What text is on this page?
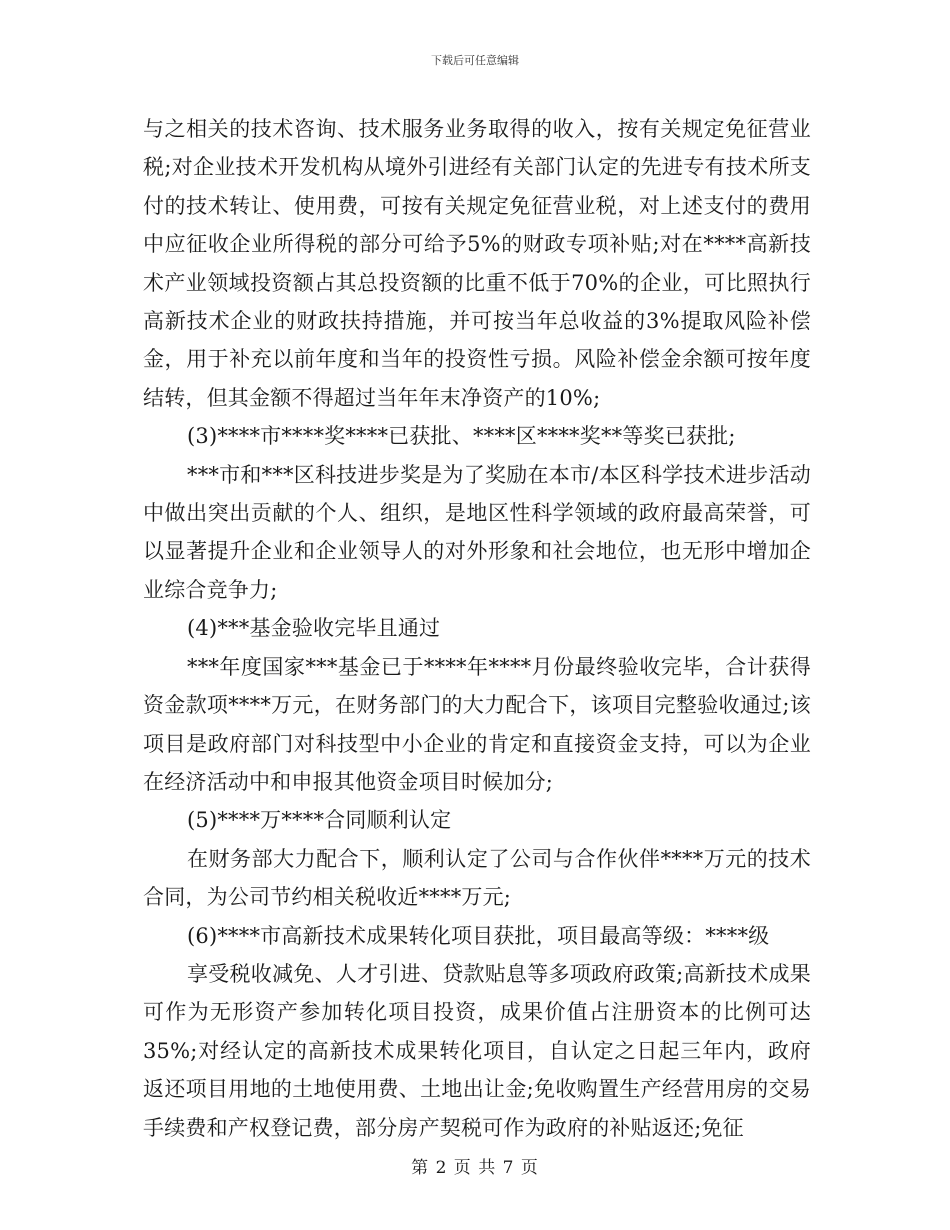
下载后可任意编辑

与之相关的技术咨询、技术服务业务取得的收入，按有关规定免征营业税;对企业技术开发机构从境外引进经有关部门认定的先进专有技术所支付的技术转让、使用费，可按有关规定免征营业税，对上述支付的费用中应征收企业所得税的部分可给予5%的财政专项补贴;对在****高新技术产业领域投资额占其总投资额的比重不低于70%的企业，可比照执行高新技术企业的财政扶持措施，并可按当年总收益的3%提取风险补偿金，用于补充以前年度和当年的投资性亏损。风险补偿金余额可按年度结转，但其金额不得超过当年年末净资产的10%;

(3)****市****奖****已获批、****区****奖**等奖已获批;

***市和***区科技进步奖是为了奖励在本市/本区科学技术进步活动中做出突出贡献的个人、组织，是地区性科学领域的政府最高荣誉，可以显著提升企业和企业领导人的对外形象和社会地位，也无形中增加企业综合竞争力;

(4)***基金验收完毕且通过

***年度国家***基金已于****年****月份最终验收完毕，合计获得资金款项****万元，在财务部门的大力配合下，该项目完整验收通过;该项目是政府部门对科技型中小企业的肯定和直接资金支持，可以为企业在经济活动中和申报其他资金项目时候加分;

(5)****万****合同顺利认定

在财务部大力配合下，顺利认定了公司与合作伙伴****万元的技术合同，为公司节约相关税收近****万元;

(6)****市高新技术成果转化项目获批，项目最高等级：****级

享受税收减免、人才引进、贷款贴息等多项政府政策;高新技术成果可作为无形资产参加转化项目投资，成果价值占注册资本的比例可达35%;对经认定的高新技术成果转化项目，自认定之日起三年内，政府返还项目用地的土地使用费、土地出让金;免收购置生产经营用房的交易手续费和产权登记费，部分房产契税可作为政府的补贴返还;免征

第 2 页 共 7 页
